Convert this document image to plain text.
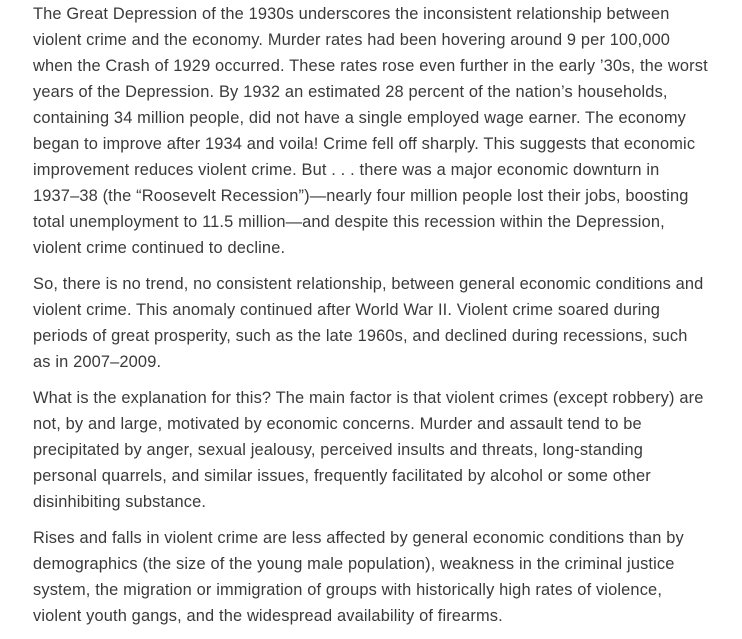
The Great Depression of the 1930s underscores the inconsistent relationship between violent crime and the economy. Murder rates had been hovering around 9 per 100,000 when the Crash of 1929 occurred. These rates rose even further in the early ’30s, the worst years of the Depression. By 1932 an estimated 28 percent of the nation’s households, containing 34 million people, did not have a single employed wage earner. The economy began to improve after 1934 and voila! Crime fell off sharply. This suggests that economic improvement reduces violent crime. But . . . there was a major economic downturn in 1937–38 (the “Roosevelt Recession”)—nearly four million people lost their jobs, boosting total unemployment to 11.5 million—and despite this recession within the Depression, violent crime continued to decline.

So, there is no trend, no consistent relationship, between general economic conditions and violent crime. This anomaly continued after World War II. Violent crime soared during periods of great prosperity, such as the late 1960s, and declined during recessions, such as in 2007–2009.

What is the explanation for this? The main factor is that violent crimes (except robbery) are not, by and large, motivated by economic concerns. Murder and assault tend to be precipitated by anger, sexual jealousy, perceived insults and threats, long-standing personal quarrels, and similar issues, frequently facilitated by alcohol or some other disinhibiting substance.

Rises and falls in violent crime are less affected by general economic conditions than by demographics (the size of the young male population), weakness in the criminal justice system, the migration or immigration of groups with historically high rates of violence, violent youth gangs, and the widespread availability of firearms.
